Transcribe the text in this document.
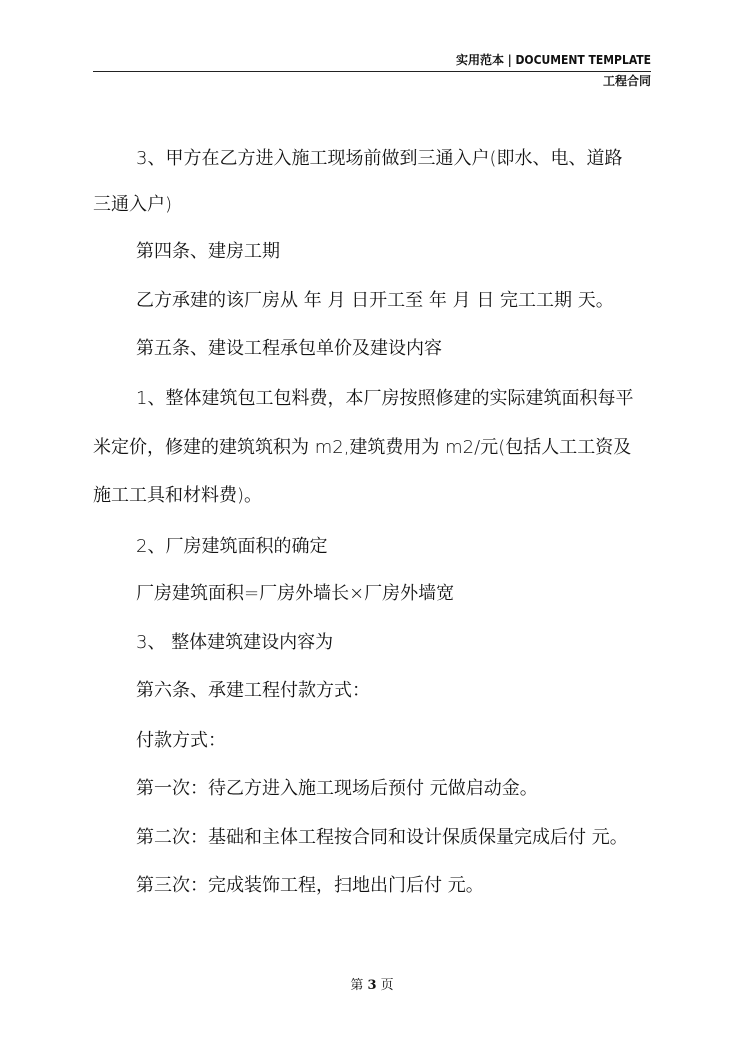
实用范本 | DOCUMENT TEMPLATE
工程合同
3、甲方在乙方进入施工现场前做到三通入户(即水、电、道路
三通入户)
第四条、建房工期
乙方承建的该厂房从 年 月 日开工至 年 月 日 完工工期 天。
第五条、建设工程承包单价及建设内容
1、整体建筑包工包料费，本厂房按照修建的实际建筑面积每平
米定价，修建的建筑筑积为 m2,建筑费用为 m2/元(包括人工工资及
施工工具和材料费)。
2、厂房建筑面积的确定
厂房建筑面积=厂房外墙长×厂房外墙宽
3、 整体建筑建设内容为
第六条、承建工程付款方式：
付款方式：
第一次：待乙方进入施工现场后预付 元做启动金。
第二次：基础和主体工程按合同和设计保质保量完成后付 元。
第三次：完成装饰工程，扫地出门后付 元。
第 3 页
